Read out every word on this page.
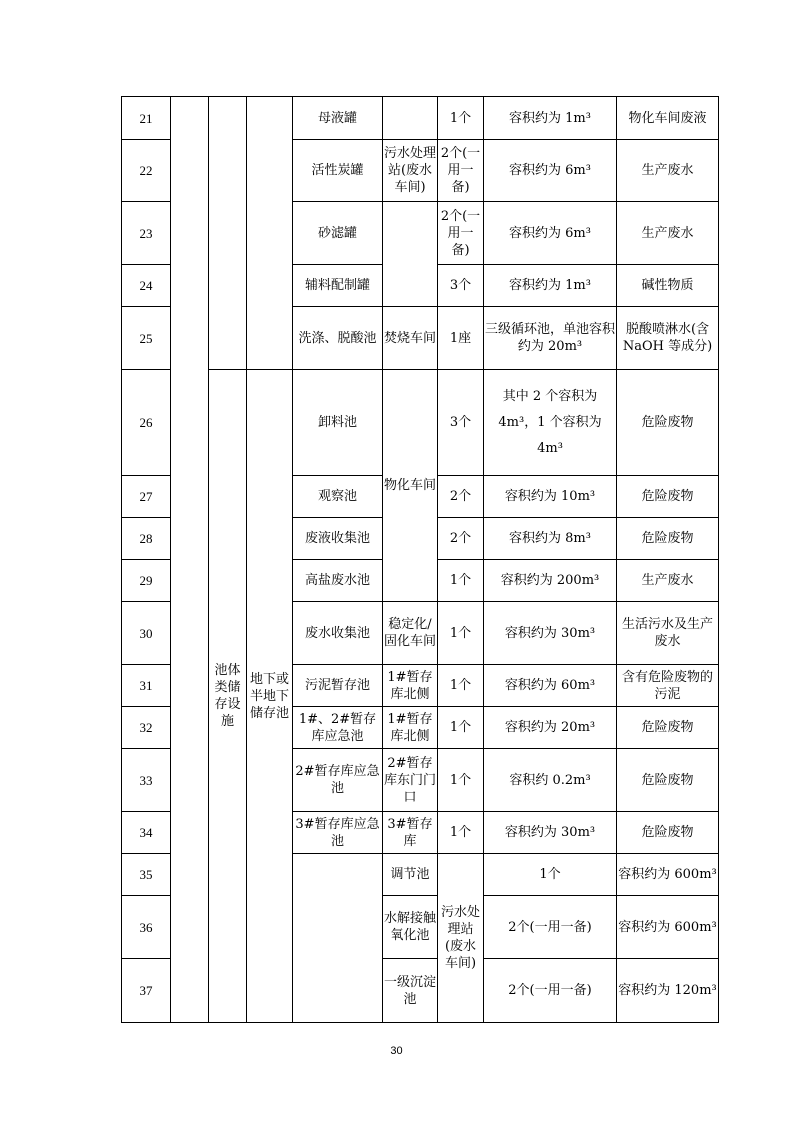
21				母液罐		1个	容积约为 1m³	物化车间废液	
22				活性炭罐	污水处理站(废水车间)	2个(一用一备)	容积约为 6m³	生产废水	
23				砂滤罐		2个(一用一备)	容积约为 6m³	生产废水	
24				辅料配制罐		3个	容积约为 1m³	碱性物质	
25				洗涤、脱酸池	焚烧车间	1座	三级循环池，单池容积约为 20m³	脱酸喷淋水(含NaOH 等成分)	
26		池体类储存设施	地下或半地下储存池	卸料池	物化车间	3个	其中 2 个容积为 4m³，1 个容积为 4m³	危险废物	
27				观察池		2个	容积约为 10m³	危险废物	
28				废液收集池		2个	容积约为 8m³	危险废物	
29				高盐废水池		1个	容积约为 200m³	生产废水	
30				废水收集池	稳定化/固化车间	1个	容积约为 30m³	生活污水及生产废水	
31				污泥暂存池	1#暂存库北侧	1个	容积约为 60m³	含有危险废物的污泥	
32				1#、2#暂存库应急池	1#暂存库北侧	1个	容积约为 20m³	危险废物	
33				2#暂存库应急池	2#暂存库东门门口	1个	容积约 0.2m³	危险废物	
34				3#暂存库应急池	3#暂存库	1个	容积约为 30m³	危险废物	
35					调节池	污水处理站(废水车间)	1个	容积约为 600m³	
36					水解接触氧化池		2个(一用一备)	容积约为 600m³	
37					一级沉淀池		2个(一用一备)	容积约为 120m³	
30
